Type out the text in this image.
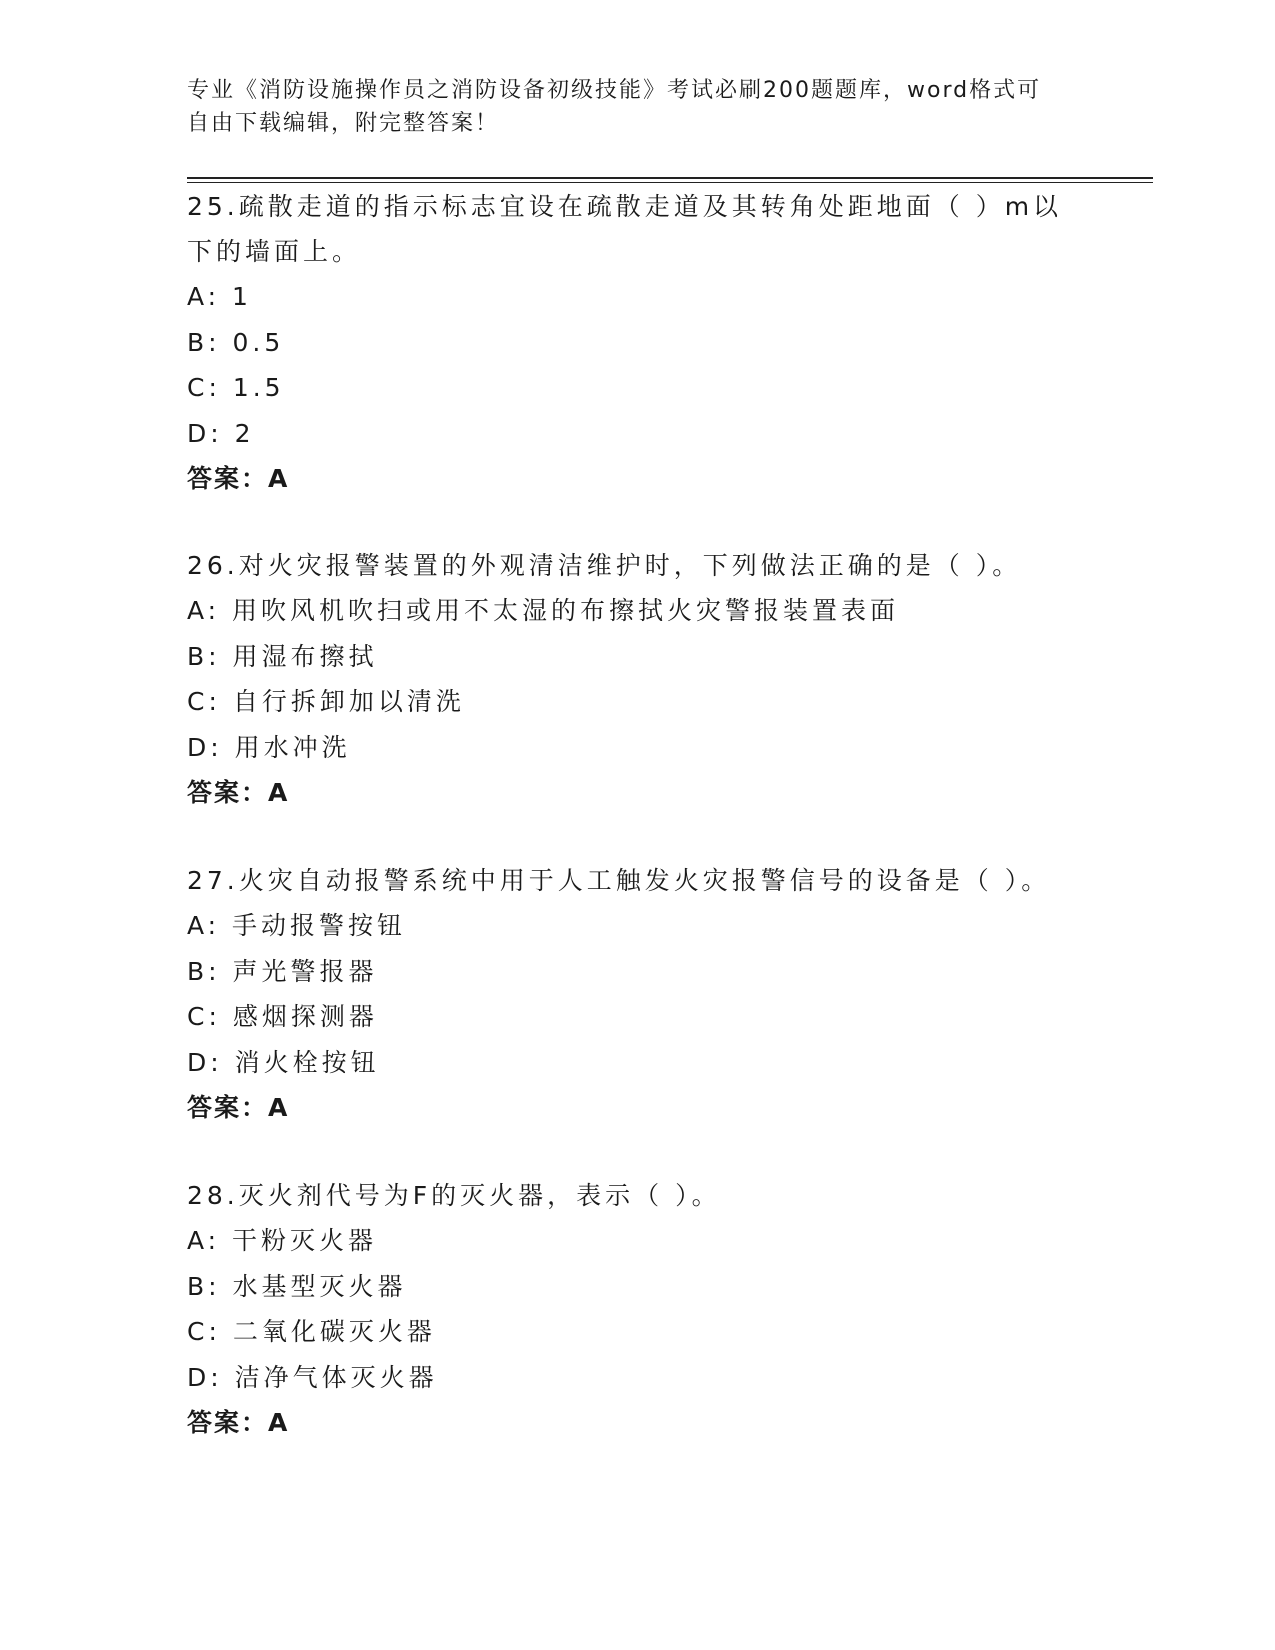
专业《消防设施操作员之消防设备初级技能》考试必刷200题题库，word格式可
自由下载编辑，附完整答案！
25.疏散走道的指示标志宜设在疏散走道及其转角处距地面（ ）m以
下的墙面上。
A: 1
B: 0.5
C: 1.5
D: 2
答案：A
26.对火灾报警装置的外观清洁维护时，下列做法正确的是（ ）。
A: 用吹风机吹扫或用不太湿的布擦拭火灾警报装置表面
B: 用湿布擦拭
C: 自行拆卸加以清洗
D: 用水冲洗
答案：A
27.火灾自动报警系统中用于人工触发火灾报警信号的设备是（ ）。
A: 手动报警按钮
B: 声光警报器
C: 感烟探测器
D: 消火栓按钮
答案：A
28.灭火剂代号为F的灭火器，表示（ ）。
A: 干粉灭火器
B: 水基型灭火器
C: 二氧化碳灭火器
D: 洁净气体灭火器
答案：A
